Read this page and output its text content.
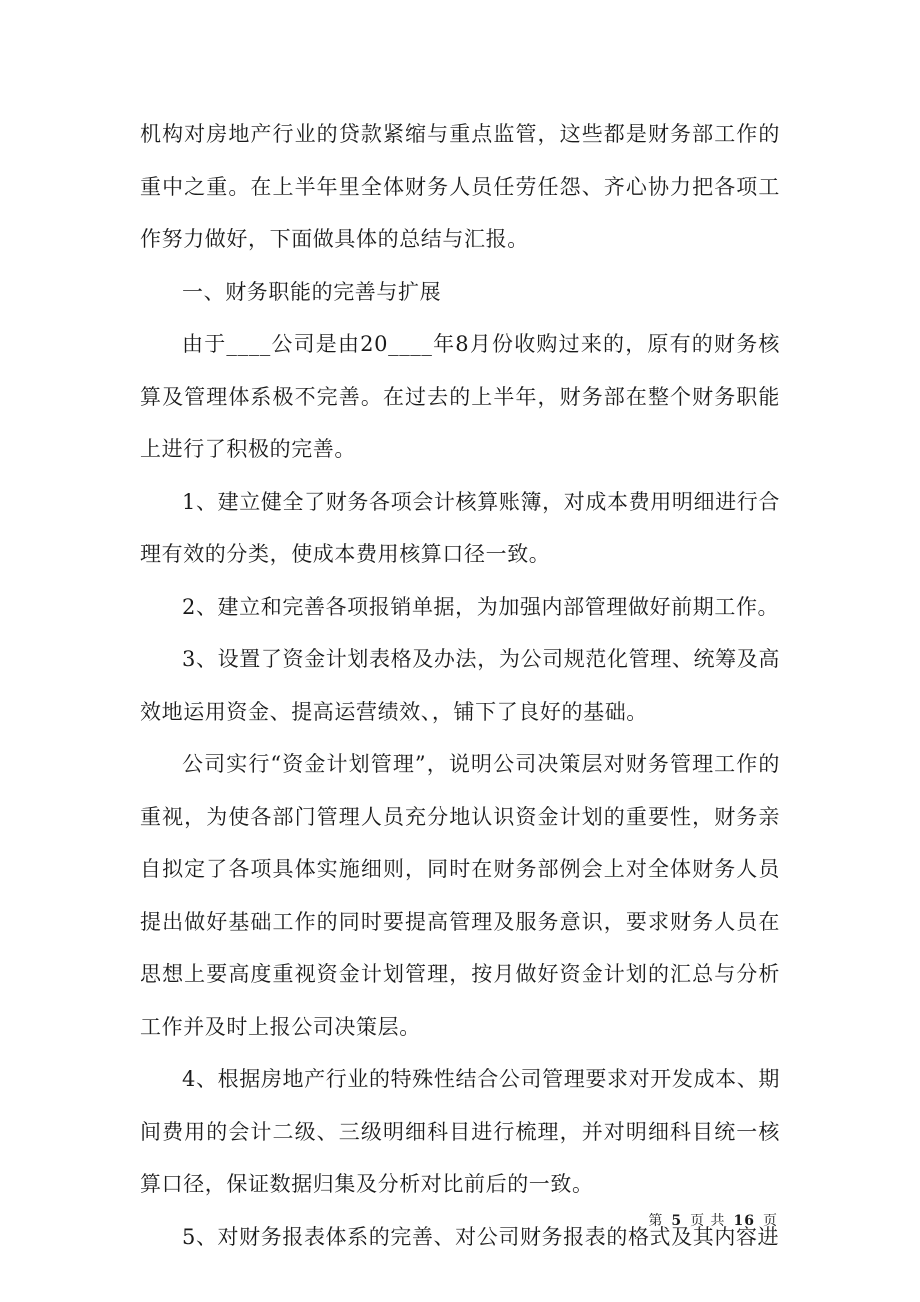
机构对房地产行业的贷款紧缩与重点监管，这些都是财务部工作的重中之重。在上半年里全体财务人员任劳任怨、齐心协力把各项工作努力做好，下面做具体的总结与汇报。

一、财务职能的完善与扩展

由于____公司是由20____年8月份收购过来的，原有的财务核算及管理体系极不完善。在过去的上半年，财务部在整个财务职能上进行了积极的完善。

1、建立健全了财务各项会计核算账簿，对成本费用明细进行合理有效的分类，使成本费用核算口径一致。

2、建立和完善各项报销单据，为加强内部管理做好前期工作。

3、设置了资金计划表格及办法，为公司规范化管理、统筹及高效地运用资金、提高运营绩效、，铺下了良好的基础。

公司实行“资金计划管理”，说明公司决策层对财务管理工作的重视，为使各部门管理人员充分地认识资金计划的重要性，财务亲自拟定了各项具体实施细则，同时在财务部例会上对全体财务人员提出做好基础工作的同时要提高管理及服务意识，要求财务人员在思想上要高度重视资金计划管理，按月做好资金计划的汇总与分析工作并及时上报公司决策层。

4、根据房地产行业的特殊性结合公司管理要求对开发成本、期间费用的会计二级、三级明细科目进行梳理，并对明细科目统一核算口径，保证数据归集及分析对比前后的一致。

5、对财务报表体系的完善、对公司财务报表的格式及其内容进

第 5 页 共 16 页
